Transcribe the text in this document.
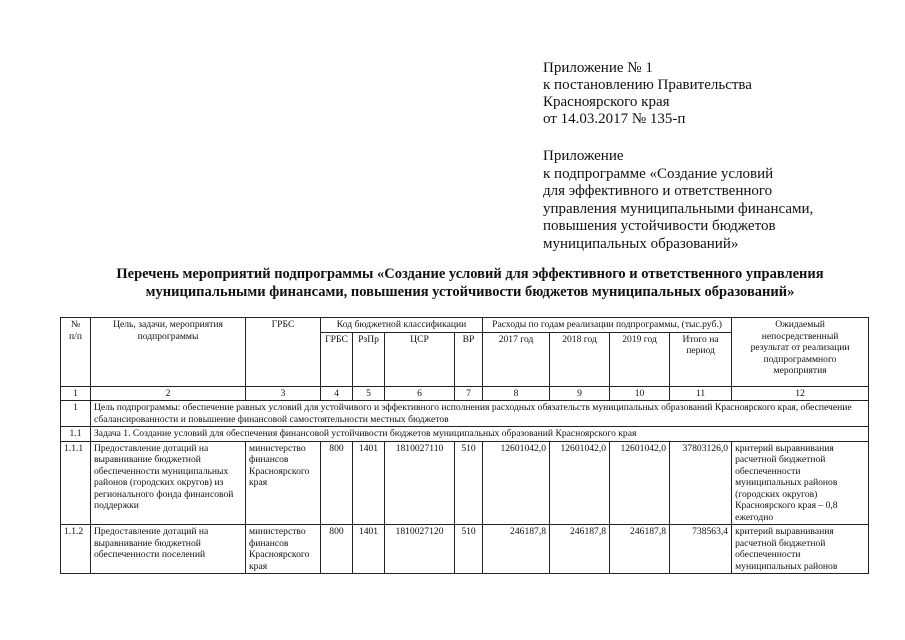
Приложение № 1
к постановлению Правительства
Красноярского края
от 14.03.2017 № 135-п
Приложение
к подпрограмме «Создание условий
для эффективного и ответственного
управления муниципальными финансами,
повышения устойчивости бюджетов
муниципальных образований»
Перечень мероприятий подпрограммы «Создание условий для эффективного и ответственного управления
муниципальными финансами, повышения устойчивости бюджетов муниципальных образований»
№
п/п	Цель, задачи, мероприятия
подпрограммы	ГРБС	Код бюджетной классификации				Расходы по годам реализации подпрограммы, (тыс.руб.)				Ожидаемый
непосредственный
результат от реализации
подпрограммного
мероприятия
			ГРБС	РзПр	ЦСР	ВР	2017 год	2018 год	2019 год	Итого на
период	
1	2	3	4	5	6	7	8	9	10	11	12
1	Цель подпрограммы: обеспечение равных условий для устойчивого и эффективного исполнения расходных обязательств муниципальных образований Красноярского края, обеспечение сбалансированности и повышение финансовой самостоятельности местных бюджетов										
1.1	Задача 1. Создание условий для обеспечения финансовой устойчивости бюджетов муниципальных образований Красноярского края										
1.1.1	Предоставление дотаций на выравнивание бюджетной обеспеченности муниципальных районов (городских округов) из регионального фонда финансовой поддержки	министерство финансов Красноярского края	800	1401	1810027110	510	12601042,0	12601042,0	12601042,0	37803126,0	критерий выравнивания расчетной бюджетной обеспеченности муниципальных районов (городских округов) Красноярского края – 0,8 ежегодно
1.1.2	Предоставление дотаций на выравнивание бюджетной обеспеченности поселений	министерство финансов Красноярского края	800	1401	1810027120	510	246187,8	246187,8	246187,8	738563,4	критерий выравнивания расчетной бюджетной обеспеченности муниципальных районов
